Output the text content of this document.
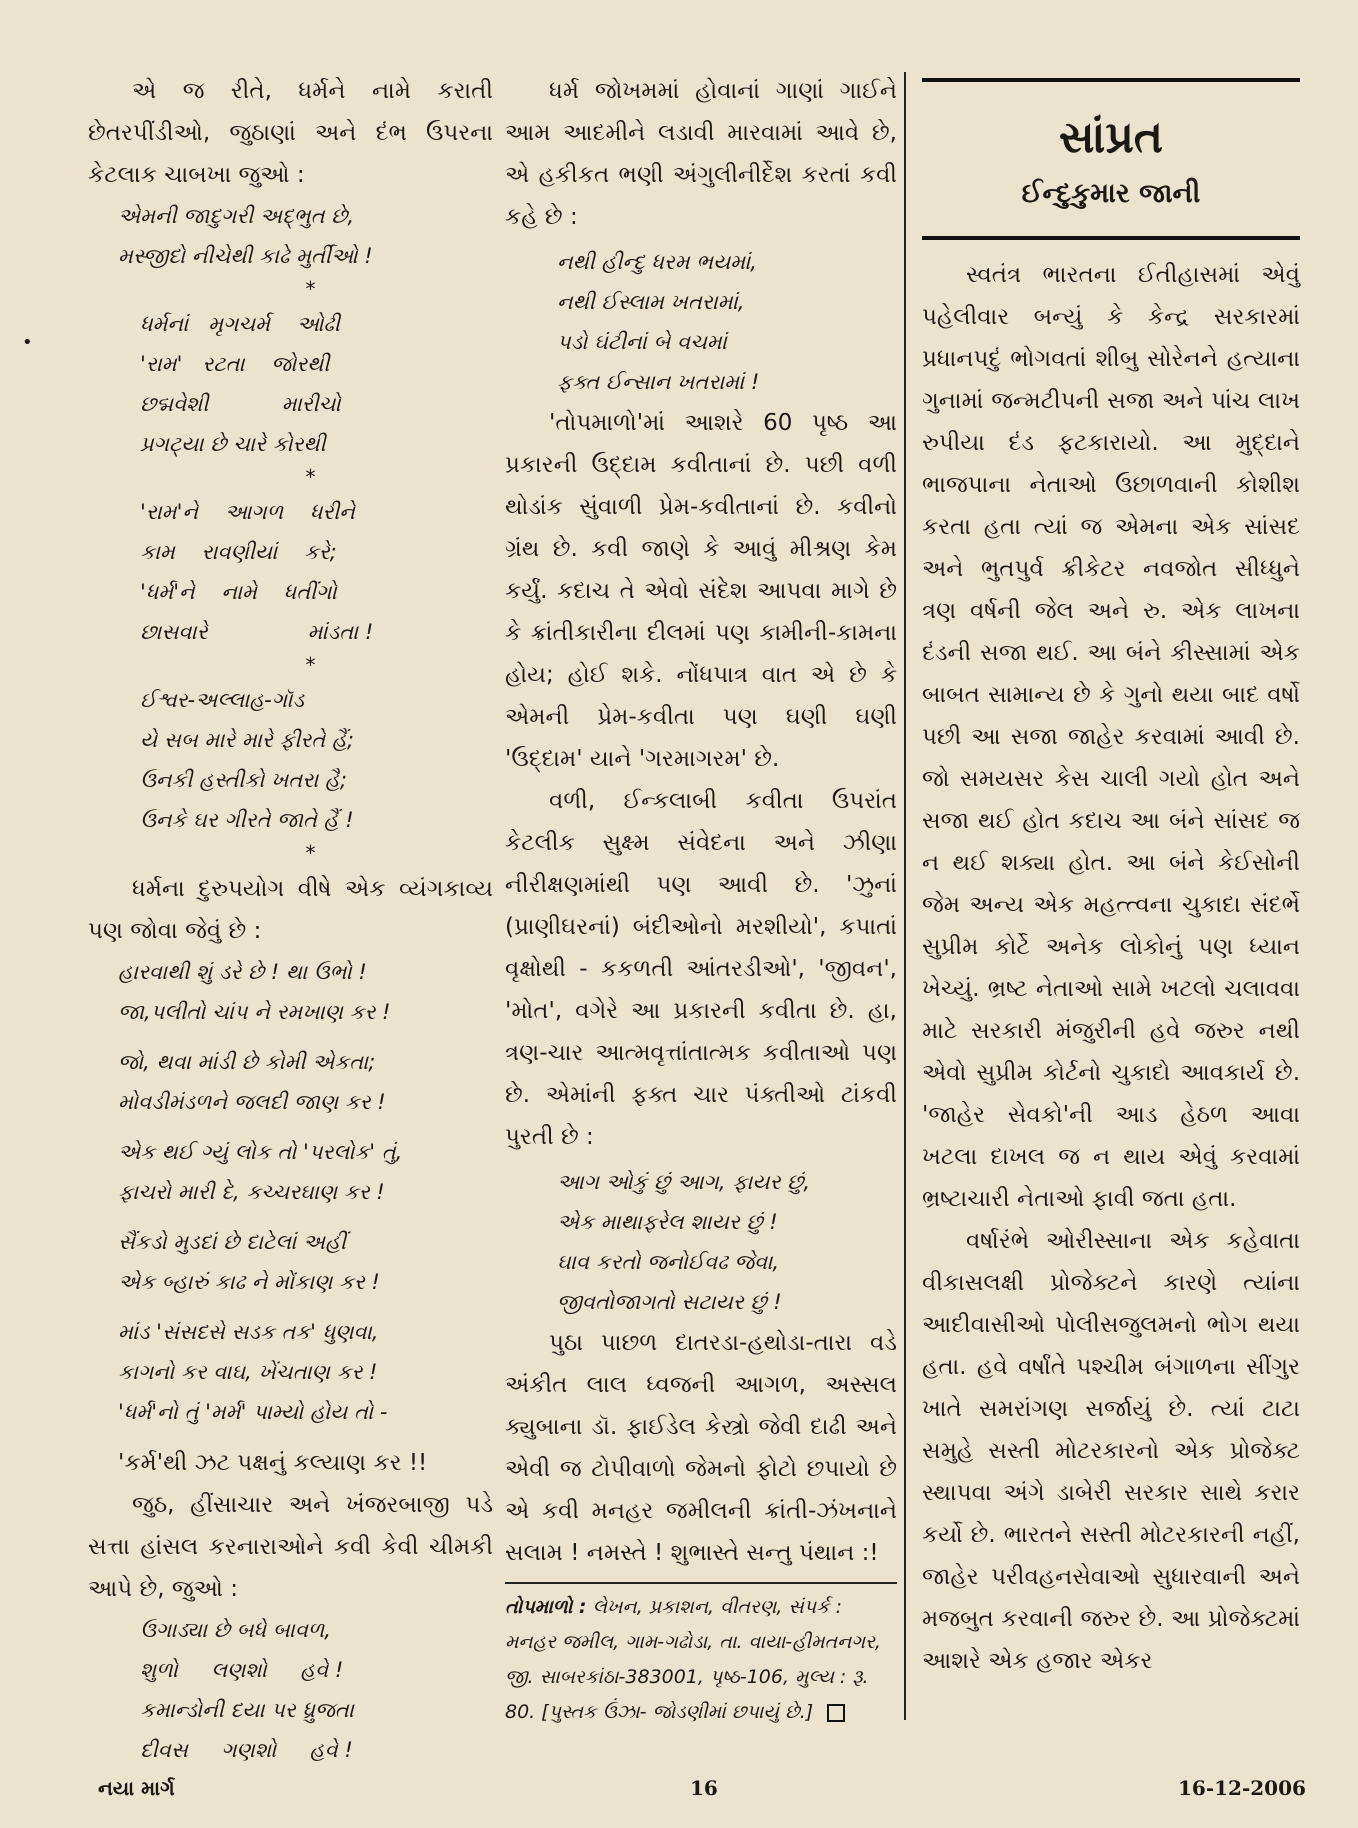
•

એ જ રીતે, ધર્મને નામે કરાતી છેતરપીંડીઓ, જુઠાણાં અને દંભ ઉપરના કેટલાક ચાબખા જુઓ :

એમની જાદુગરી અદ્ભુત છે,

મસ્જીદો નીચેથી કાઢે મુર્તીઓ !

*

ધર્મનાં   મૃગચર્મ    ઓઢી

'રામ'   રટતા    જોરથી

છદ્મવેશી           મારીચો

પ્રગટ્યા છે ચારે કોરથી

*

'રામ'ને    આગળ    ધરીને

કામ    રાવણીયાં    કરે;

'ધર્મ'ને    નામે    ધતીંગો

છાસવારે               માંડતા !

*

ઈશ્વર-અલ્લાહ-ગૉડ

યે સબ મારે મારે ફીરતે હૈં;

ઉનકી હસ્તીકો ખતરા હૈ;

ઉનકે ઘર ગીરતે જાતે હૈં !

*

ધર્મના દુરુપયોગ વીષે એક વ્યંગકાવ્ય પણ જોવા જેવું છે :

હારવાથી શું ડરે છે ! થા ઉભો !

જા,પલીતો ચાંપ ને રમખાણ કર !

જો, થવા માંડી છે કોમી એકતા;

મોવડીમંડળને જલદી જાણ કર !

એક થઈ ગ્યું લોક તો 'પરલોક' તું,

ફાચરો મારી દે, કચ્ચરઘાણ કર !

સૈંકડો મુડદાં છે દાટેલાં અહીં

એક બ્હારું કાઢ ને મોંકાણ કર !

માંડ 'સંસદસે સડક તક' ધુણવા,

કાગનો કર વાઘ, ખેંચતાણ કર !

'ધર્મ'નો તું 'મર્મ' પામ્યો હોય તો -

'કર્મ'થી ઝટ પક્ષનું કલ્યાણ કર !!

જુઠ, હીંસાચાર અને ખંજરબાજી પડે સત્તા હાંસલ કરનારાઓને કવી કેવી ચીમકી આપે છે, જુઓ :

ઉગાડ્યા છે બધે બાવળ,

શુળો     લણશો     હવે !

કમાન્ડોની દયા પર ધ્રુજતા

દીવસ     ગણશો     હવે !

ધર્મ જોખમમાં હોવાનાં ગાણાં ગાઈને આમ આદમીને લડાવી મારવામાં આવે છે, એ હકીકત ભણી અંગુલીનીર્દેશ કરતાં કવી કહે છે :

નથી હીન્દુ ધરમ ભયમાં,

નથી ઈસ્લામ ખતરામાં,

પડો ઘંટીનાં બે વચમાં

ફક્ત ઈન્સાન ખતરામાં !

'તોપમાળો'માં આશરે 60 પૃષ્ઠ આ પ્રકારની ઉદ્દામ કવીતાનાં છે. પછી વળી થોડાંક સુંવાળી પ્રેમ-કવીતાનાં છે. કવીનો ગ્રંથ છે. કવી જાણે કે આવું મીશ્રણ કેમ કર્યું. કદાચ તે એવો સંદેશ આપવા માગે છે કે ક્રાંતીકારીના દીલમાં પણ કામીની-કામના હોય; હોઈ શકે. નોંધપાત્ર વાત એ છે કે એમની પ્રેમ-કવીતા પણ ઘણી ઘણી 'ઉદ્દામ' યાને 'ગરમાગરમ' છે.

વળી, ઈન્કલાબી કવીતા ઉપરાંત કેટલીક સુક્ષ્મ સંવેદના અને ઝીણા નીરીક્ષણમાંથી પણ આવી છે. 'ઝુનાં (પ્રાણીઘરનાં) બંદીઓનો મરશીયો', કપાતાં વૃક્ષોથી - કકળતી આંતરડીઓ', 'જીવન', 'મોત', વગેરે આ પ્રકારની કવીતા છે. હા, ત્રણ-ચાર આત્મવૃત્તાંતાત્મક કવીતાઓ પણ છે. એમાંની ફક્ત ચાર પંક્તીઓ ટાંકવી પુરતી છે :

આગ ઓકું છું આગ, ફાયર છું,

એક માથાફરેલ શાયર છું !

ઘાવ કરતો જનોઈવઢ જેવા,

જીવતોજાગતો સટાયર છું !

પુઠા પાછળ દાતરડા-હથોડા-તારા વડે અંકીત લાલ ધ્વજની આગળ, અસ્સલ ક્યુબાના ડૉ. ફાઈડેલ કેસ્ત્રો જેવી દાઢી અને એવી જ ટોપીવાળો જેમનો ફોટો છપાયો છે એ કવી મનહર જમીલની ક્રાંતી-ઝંખનાને સલામ ! નમસ્તે ! શુભાસ્તે સન્તુ પંથાન :!

તોપમાળો : લેખન, પ્રકાશન, વીતરણ, સંપર્ક : મનહર જમીલ, ગામ-ગઢોડા, તા. વાયા-હીમતનગર, જી. સાબરકાંઠા-383001, પૃષ્ઠ-106, મુલ્ય : રૂ. 80. [પુસ્તક ઉંઝા- જોડણીમાં છપાયું છે.]
સાંપ્રત
ઈન્દુકુમાર જાની

સ્વતંત્ર ભારતના ઈતીહાસમાં એવું પહેલીવાર બન્યું કે કેન્દ્ર સરકારમાં પ્રધાનપદું ભોગવતાં શીબુ સોરેનને હત્યાના ગુનામાં જન્મટીપની સજા અને પાંચ લાખ રુપીયા દંડ ફટકારાયો. આ મુદ્દાને ભાજપાના નેતાઓ ઉછાળવાની કોશીશ કરતા હતા ત્યાં જ એમના એક સાંસદ અને ભુતપુર્વ ક્રીકેટર નવજોત સીધ્ધુને ત્રણ વર્ષની જેલ અને રુ. એક લાખના દંડની સજા થઈ. આ બંને કીસ્સામાં એક બાબત સામાન્ય છે કે ગુનો થયા બાદ વર્ષો પછી આ સજા જાહેર કરવામાં આવી છે. જો સમયસર કેસ ચાલી ગયો હોત અને સજા થઈ હોત કદાચ આ બંને સાંસદ જ ન થઈ શક્યા હોત. આ બંને કેઈસોની જેમ અન્ય એક મહત્ત્વના ચુકાદા સંદર્ભે સુપ્રીમ કોર્ટે અનેક લોકોનું પણ ધ્યાન ખેચ્યું. ભ્રષ્ટ નેતાઓ સામે ખટલો ચલાવવા માટે સરકારી મંજુરીની હવે જરુર નથી એવો સુપ્રીમ કોર્ટનો ચુકાદો આવકાર્ય છે. 'જાહેર સેવકો'ની આડ હેઠળ આવા ખટલા દાખલ જ ન થાય એવું કરવામાં ભ્રષ્ટાચારી નેતાઓ ફાવી જતા હતા.

વર્ષારંભે ઓરીસ્સાના એક કહેવાતા વીકાસલક્ષી પ્રોજેક્ટને કારણે ત્યાંના આદીવાસીઓ પોલીસજુલમનો ભોગ થયા હતા. હવે વર્ષાંતે પશ્ચીમ બંગાળના સીંગુર ખાતે સમરાંગણ સર્જાયું છે. ત્યાં ટાટા સમુહે સસ્તી મોટરકારનો એક પ્રોજેક્ટ સ્થાપવા અંગે ડાબેરી સરકાર સાથે કરાર કર્યો છે. ભારતને સસ્તી મોટરકારની નહીં, જાહેર પરીવહનસેવાઓ સુધારવાની અને મજબુત કરવાની જરુર છે. આ પ્રોજેક્ટમાં આશરે એક હજાર એકર

નયા માર્ગ	16	16-12-2006
